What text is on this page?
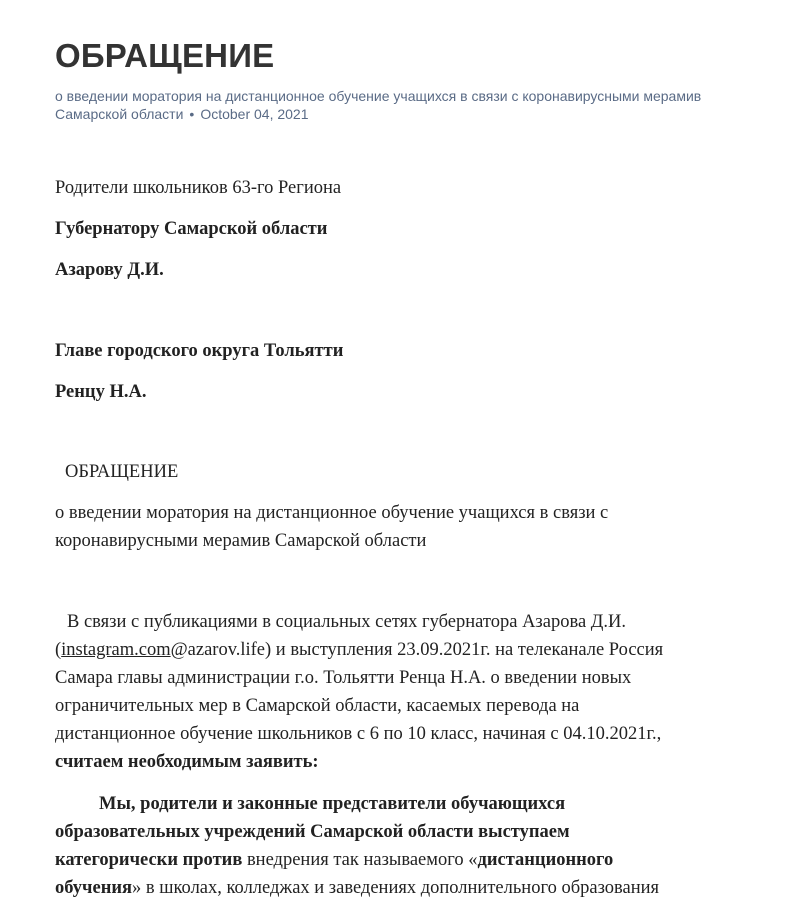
ОБРАЩЕНИЕ
о введении моратория на дистанционное обучение учащихся в связи с коронавирусными мерамив
Самарской области • October 04, 2021
Родители школьников 63-го Региона
Губернатору Самарской области
Азарову Д.И.
Главе городского округа Тольятти
Ренцу Н.А.
ОБРАЩЕНИЕ
о введении моратория на дистанционное обучение учащихся в связи с
коронавирусными мерамив Самарской области
В связи с публикациями в социальных сетях губернатора Азарова Д.И.
(instagram.com@azarov.life) и выступления 23.09.2021г. на телеканале Россия
Самара главы администрации г.о. Тольятти Ренца Н.А. о введении новых
ограничительных мер в Самарской области, касаемых перевода на
дистанционное обучение школьников с 6 по 10 класс, начиная с 04.10.2021г.,
считаем необходимым заявить:
Мы, родители и законные представители обучающихся
образовательных учреждений Самарской области выступаем
категорически против внедрения так называемого «дистанционного
обучения» в школах, колледжах и заведениях дополнительного образования
